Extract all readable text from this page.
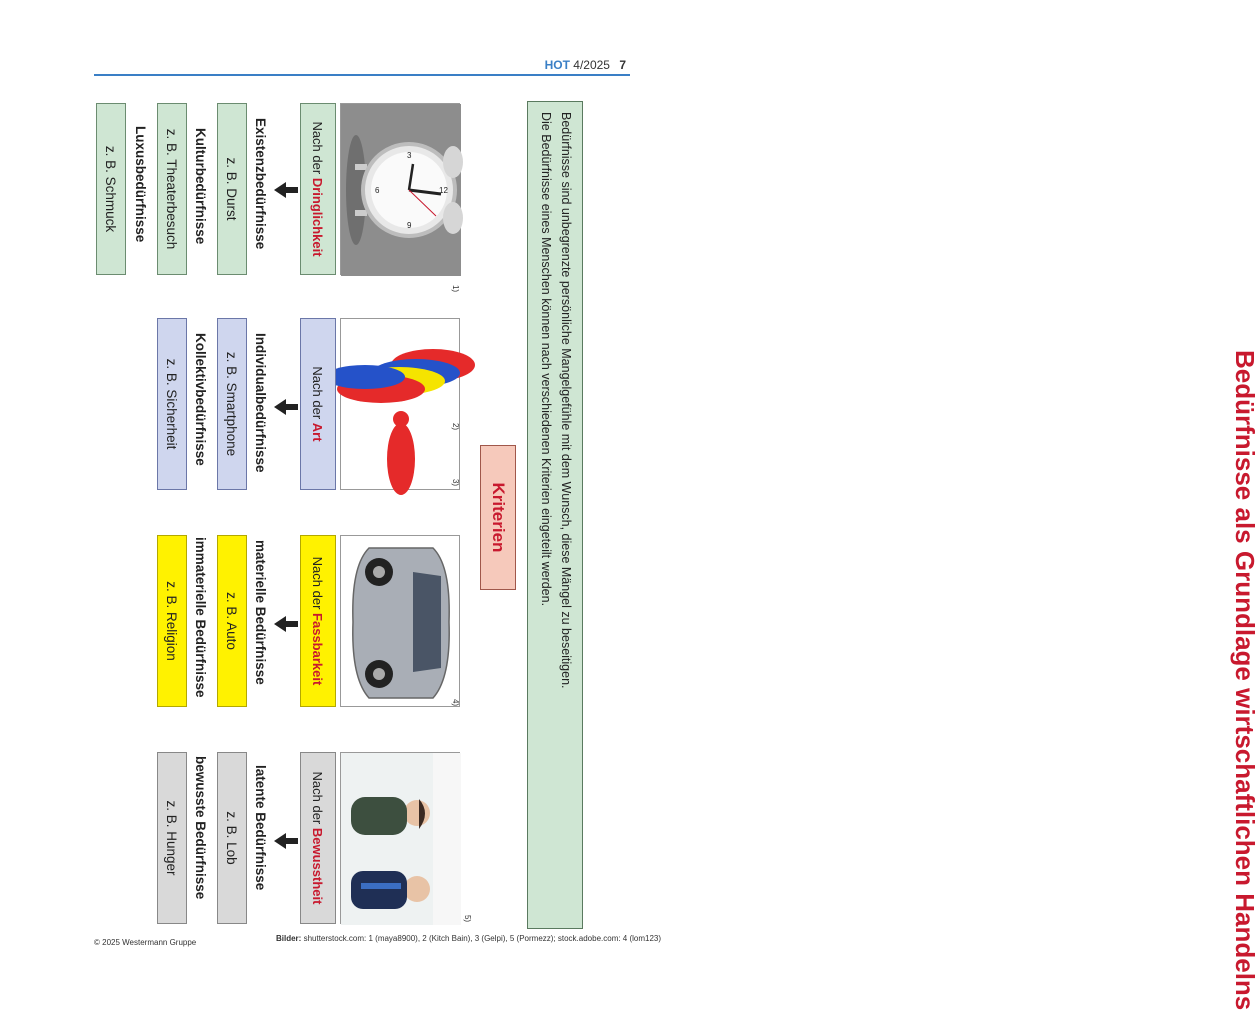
HOT 4/2025 7
Bedürfnisse als Grundlage wirtschaftlichen Handelns
Bedürfnisse sind unbegrenzte persönliche Mangelgefühle mit dem Wunsch, diese Mängel zu beseitigen.
Die Bedürfnisse eines Menschen können nach verschiedenen Kriterien eingeteilt werden.
Kriterien
12
6
3
9
1)
2)
3)
4)
5)
Nach der

Dringlichkeit
Nach der

Art
Nach der

Fassbarkeit
Nach der

Bewusstheit
Existenzbedürfnisse
z. B. Durst
Kulturbedürfnisse
z. B. Theaterbesuch
Luxusbedürfnisse
z. B. Schmuck
Individualbedürfnisse
z. B. Smartphone
Kollektivbedürfnisse
z. B. Sicherheit
materielle Bedürfnisse
z. B. Auto
immaterielle Bedürfnisse
z. B. Religion
latente Bedürfnisse
z. B. Lob
bewusste Bedürfnisse
z. B. Hunger
Bilder: shutterstock.com: 1 (maya8900), 2 (Kitch Bain), 3 (Gelpi), 5 (Pormezz); stock.adobe.com: 4 (lom123)
© 2025 Westermann Gruppe
